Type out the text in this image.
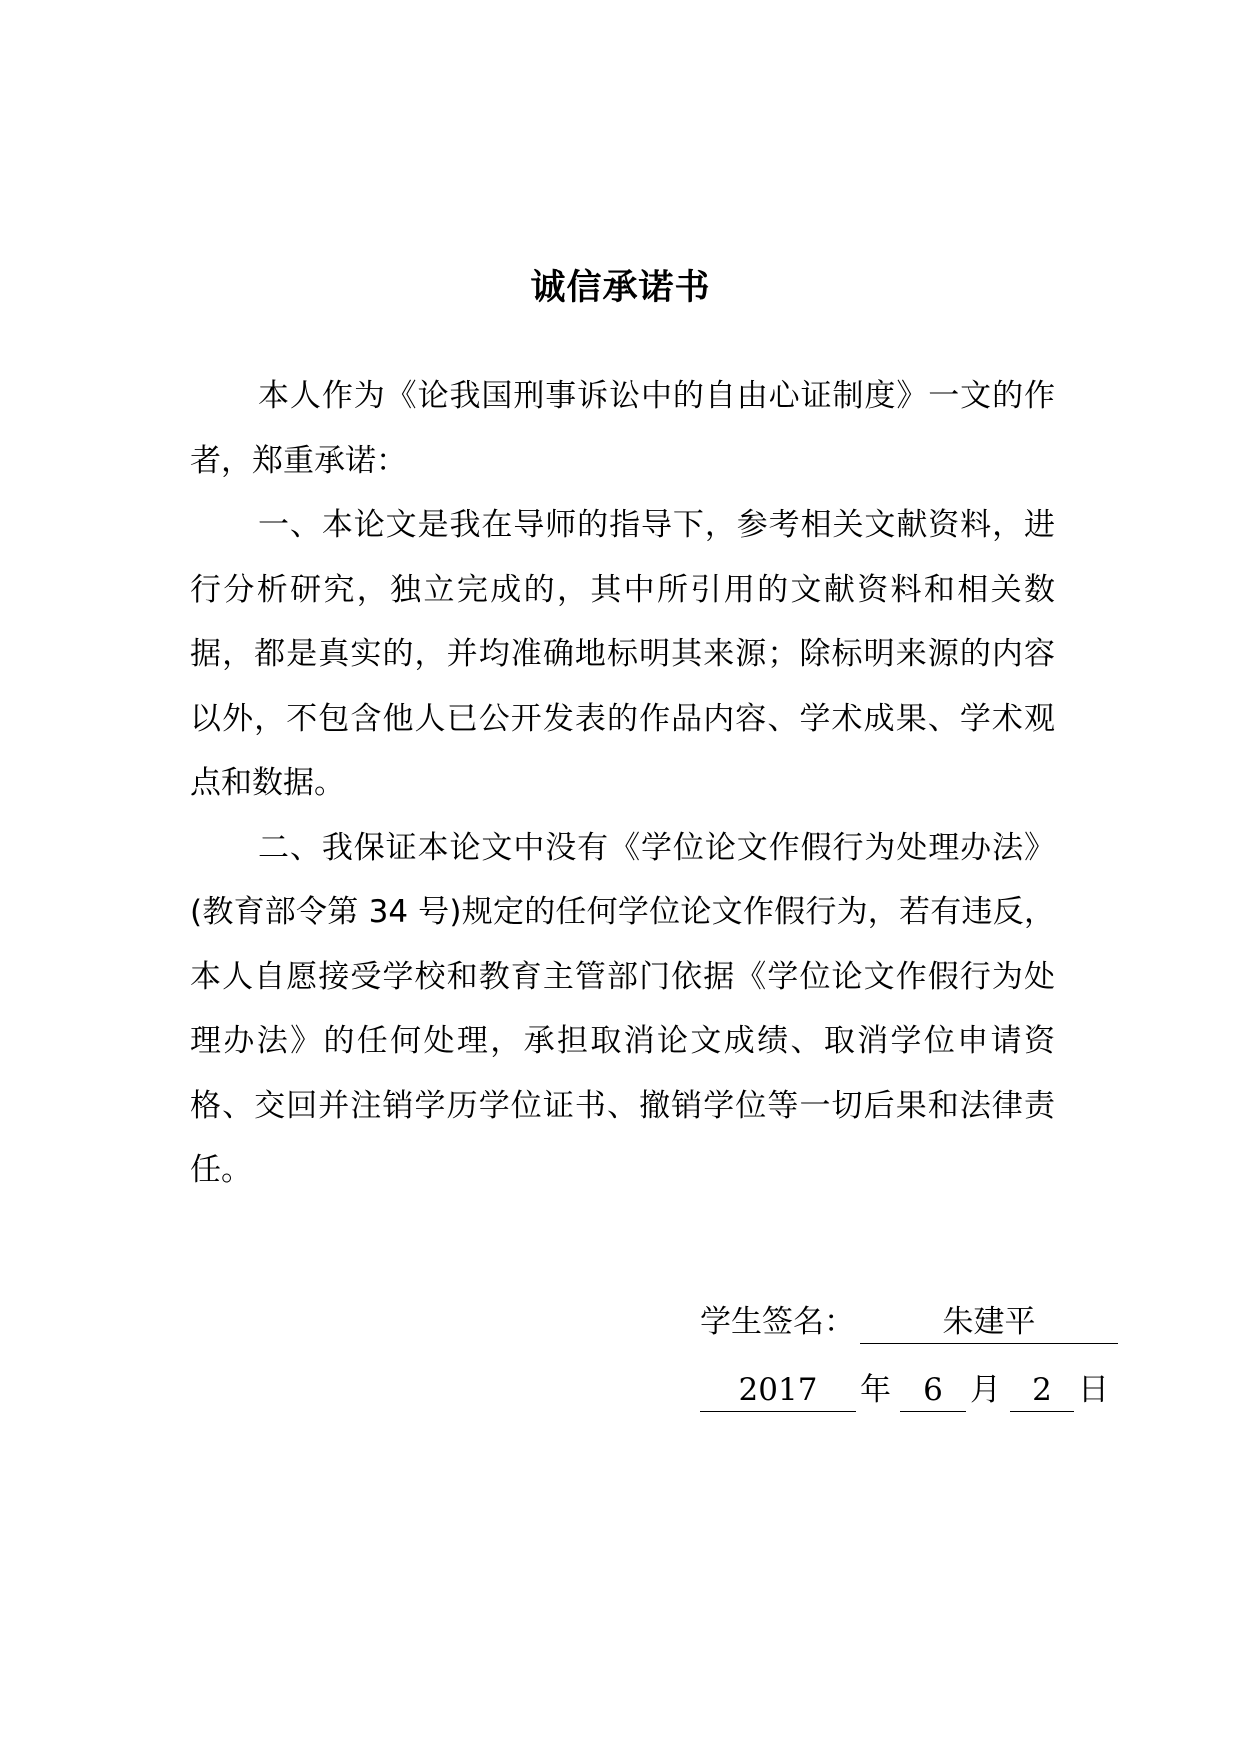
诚信承诺书

本人作为《论我国刑事诉讼中的自由心证制度》一文的作者，郑重承诺：

一、本论文是我在导师的指导下，参考相关文献资料，进行分析研究，独立完成的，其中所引用的文献资料和相关数据，都是真实的，并均准确地标明其来源；除标明来源的内容以外，不包含他人已公开发表的作品内容、学术成果、学术观点和数据。

二、我保证本论文中没有《学位论文作假行为处理办法》(教育部令第 34 号)规定的任何学位论文作假行为，若有违反，本人自愿接受学校和教育主管部门依据《学位论文作假行为处理办法》的任何处理，承担取消论文成绩、取消学位申请资格、交回并注销学历学位证书、撤销学位等一切后果和法律责任。

学生签名：	朱建平
2017	年	6 月	2 日
